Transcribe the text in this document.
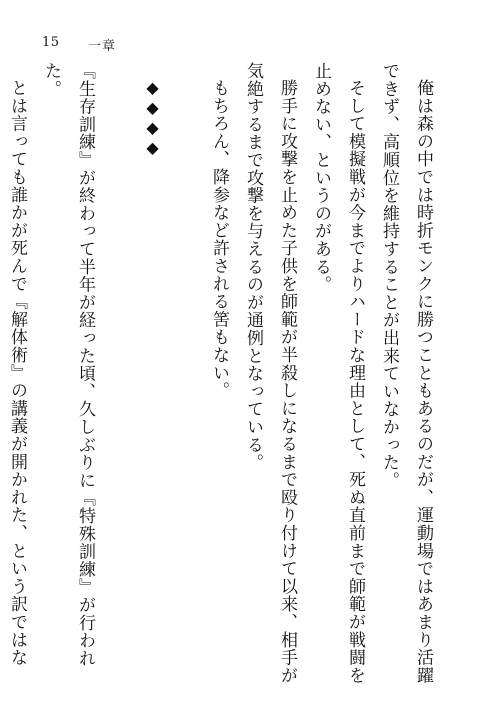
15 一章

俺は森の中では時折モンクに勝つこともあるのだが、運動場ではあまり活躍できず、高順位を維持することが出来ていなかった。

そして模擬戦が今までよりハードな理由として、死ぬ直前まで師範が戦闘を止めない、というのがある。

勝手に攻撃を止めた子供を師範が半殺しになるまで殴り付けて以来、相手が気絶するまで攻撃を与えるのが通例となっている。

もちろん、降参など許される筈もない。

◆◆◆◆

『生存訓練』が終わって半年が経った頃、久しぶりに『特殊訓練』が行われた。

とは言っても誰かが死んで『解体術』の講義が開かれた、という訳ではな
